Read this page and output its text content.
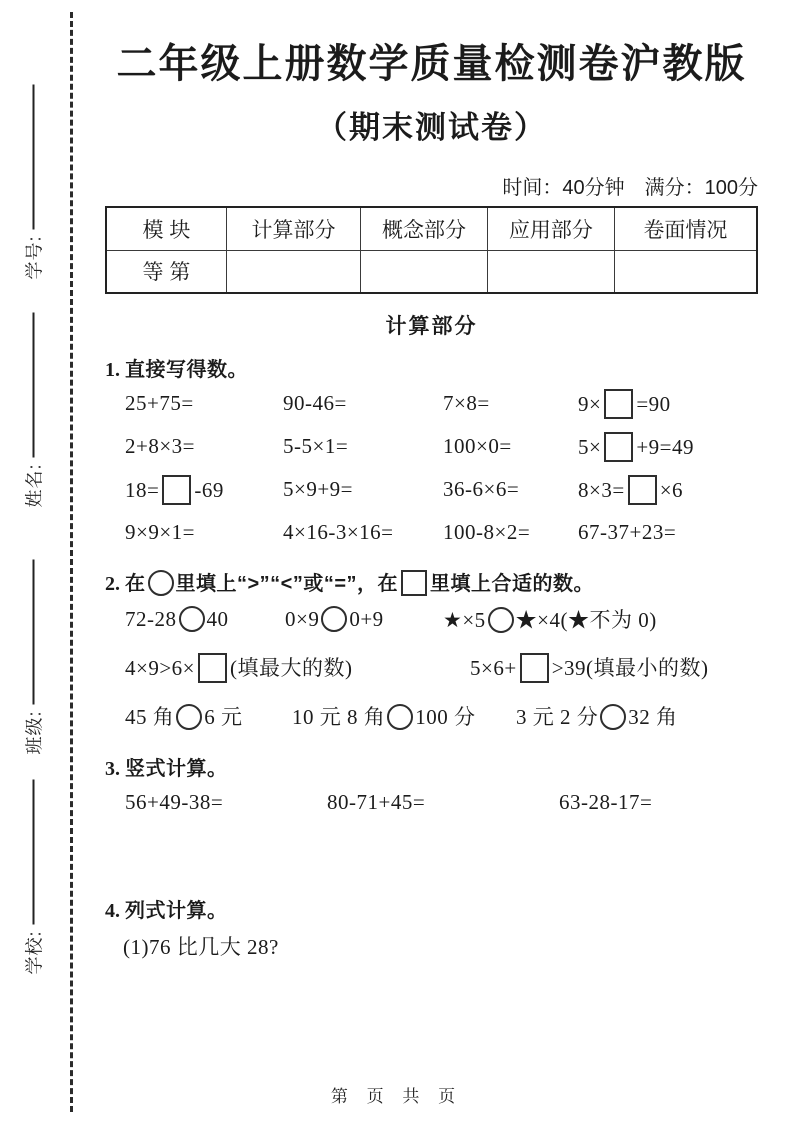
学号:
姓名:
班级:
学校:
二年级上册数学质量检测卷沪教版
（期末测试卷）
时间：40分钟　满分：100分
模 块	计算部分	概念部分	应用部分	卷面情况
等 第				
计算部分
1. 直接写得数。
25+75=	90-46=	7×8=	9× =90
2+8×3=	5-5×1=	100×0=	5× +9=49
18= -69	5×9+9=	36-6×6=	8×3= ×6
9×9×1=	4×16-3×16=	100-8×2=	67-37+23=
2. 在 里填上“>”“<”或“=”，在 里填上合适的数。
72-28 40	0×9 0+9	★×5 ★×4(★不为 0)
4×9>6× (填最大的数)	5×6+ >39(填最小的数)
45 角 6 元	10 元 8 角 100 分	3 元 2 分 32 角
3. 竖式计算。
56+49-38=	80-71+45=	63-28-17=
4. 列式计算。
(1)76 比几大 28?
第 页 共 页
